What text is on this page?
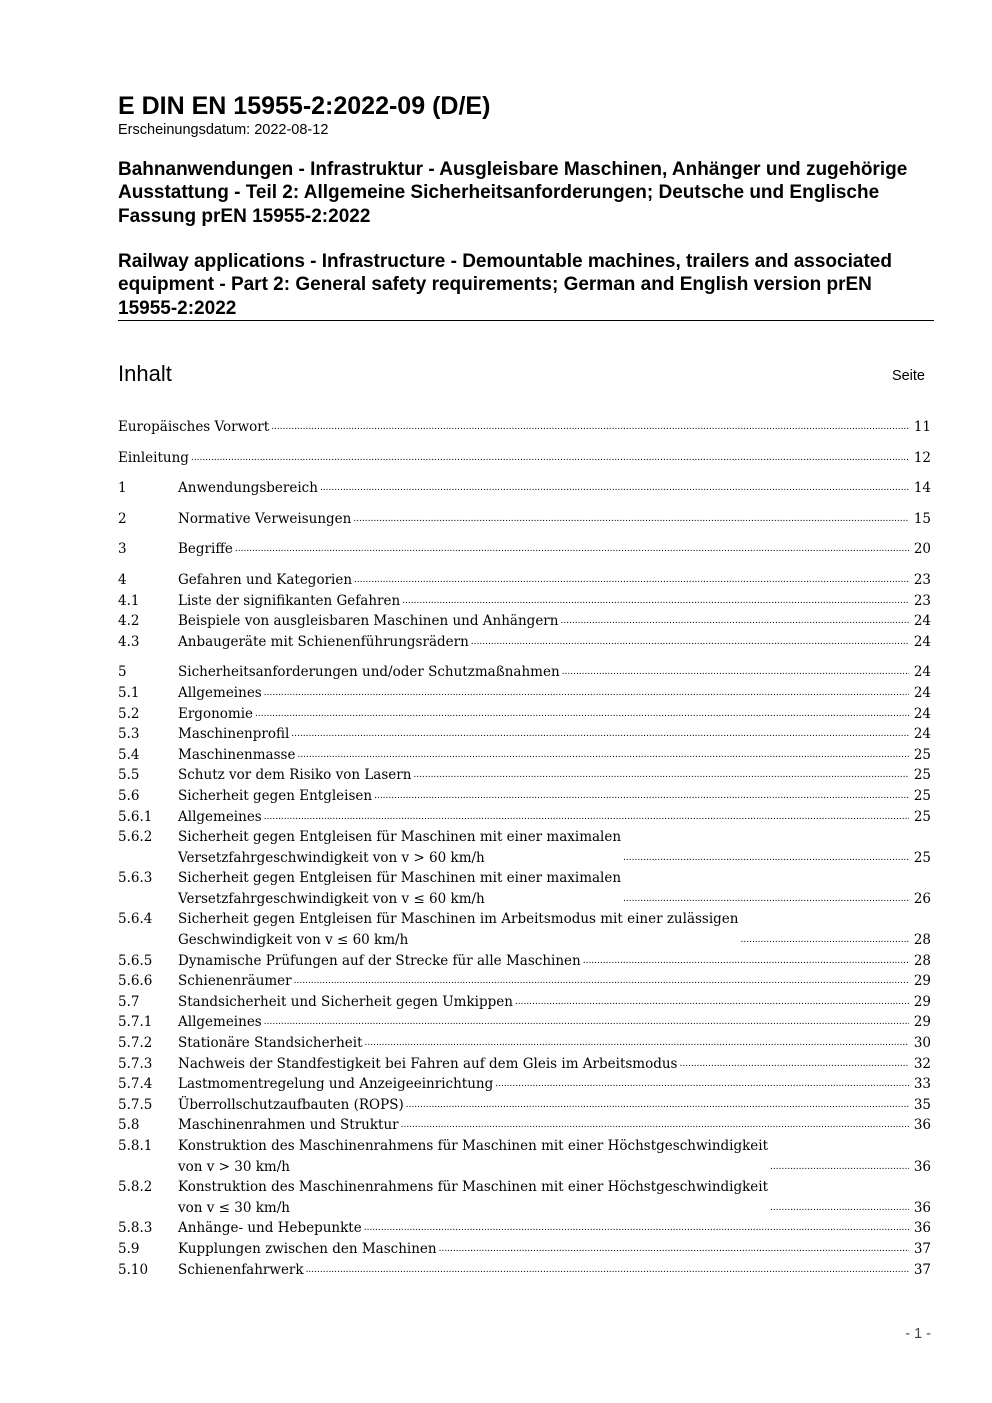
E DIN EN 15955-2:2022-09 (D/E)
Erscheinungsdatum: 2022-08-12

Bahnanwendungen - Infrastruktur - Ausgleisbare Maschinen, Anhänger und zugehörige Ausstattung - Teil 2: Allgemeine Sicherheitsanforderungen; Deutsche und Englische Fassung prEN 15955-2:2022

Railway applications - Infrastructure - Demountable machines, trailers and associated equipment - Part 2: General safety requirements; German and English version prEN 15955-2:2022

Inhalt	Seite
Europäisches Vorwort .....	11
Einleitung .....	12
1	Anwendungsbereich .....	14
2	Normative Verweisungen .....	15
3	Begriffe .....	20
4	Gefahren und Kategorien .....	23
4.1	Liste der signifikanten Gefahren .....	23
4.2	Beispiele von ausgleisbaren Maschinen und Anhängern .....	24
4.3	Anbaugeräte mit Schienenführungsrädern .....	24
5	Sicherheitsanforderungen und/oder Schutzmaßnahmen .....	24
5.1	Allgemeines .....	24
5.2	Ergonomie .....	24
5.3	Maschinenprofil .....	24
5.4	Maschinenmasse .....	25
5.5	Schutz vor dem Risiko von Lasern .....	25
5.6	Sicherheit gegen Entgleisen .....	25
5.6.1	Allgemeines .....	25
5.6.2	Sicherheit gegen Entgleisen für Maschinen mit einer maximalen
Versetzfahrgeschwindigkeit von v > 60 km/h .....	25
5.6.3	Sicherheit gegen Entgleisen für Maschinen mit einer maximalen
Versetzfahrgeschwindigkeit von v ≤ 60 km/h .....	26
5.6.4	Sicherheit gegen Entgleisen für Maschinen im Arbeitsmodus mit einer zulässigen
Geschwindigkeit von v ≤ 60 km/h .....	28
5.6.5	Dynamische Prüfungen auf der Strecke für alle Maschinen .....	28
5.6.6	Schienenräumer .....	29
5.7	Standsicherheit und Sicherheit gegen Umkippen .....	29
5.7.1	Allgemeines .....	29
5.7.2	Stationäre Standsicherheit .....	30
5.7.3	Nachweis der Standfestigkeit bei Fahren auf dem Gleis im Arbeitsmodus .....	32
5.7.4	Lastmomentregelung und Anzeigeeinrichtung .....	33
5.7.5	Überrollschutzaufbauten (ROPS) .....	35
5.8	Maschinenrahmen und Struktur .....	36
5.8.1	Konstruktion des Maschinenrahmens für Maschinen mit einer Höchstgeschwindigkeit
von v > 30 km/h .....	36
5.8.2	Konstruktion des Maschinenrahmens für Maschinen mit einer Höchstgeschwindigkeit
von v ≤ 30 km/h .....	36
5.8.3	Anhänge- und Hebepunkte .....	36
5.9	Kupplungen zwischen den Maschinen .....	37
5.10	Schienenfahrwerk .....	37
- 1 -
